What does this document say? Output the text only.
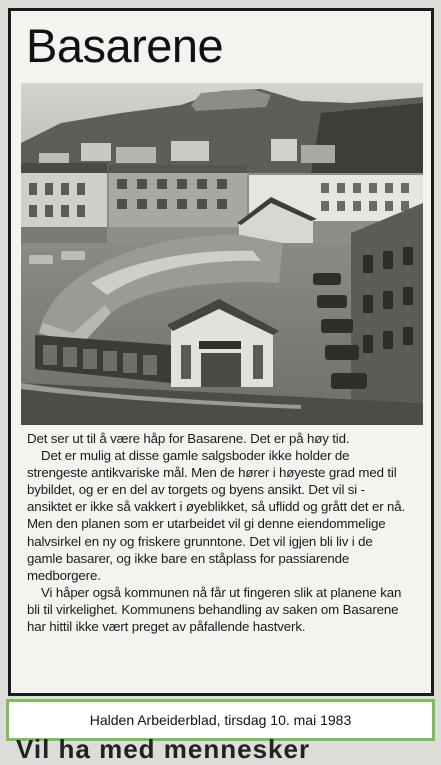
Basarene

Det ser ut til å være håp for Basarene. Det er på høy tid.

Det er mulig at disse gamle salgsboder ikke holder de strengeste antikvariske mål. Men de hører i høyeste grad med til bybildet, og er en del av torgets og byens ansikt. Det vil si - ansiktet er ikke så vakkert i øyeblikket, så uflidd og grått det er nå. Men den planen som er utarbeidet vil gi denne eiendommelige halvsirkel en ny og friskere grunntone. Det vil igjen bli liv i de gamle basarer, og ikke bare en ståplass for passiarende medborgere.

Vi håper også kommunen nå får ut fingeren slik at planene kan bli til virkelighet. Kommunens behandling av saken om Basarene har hittil ikke vært preget av påfallende hastverk.

Halden Arbeiderblad, tirsdag 10. mai 1983
Vil ha med mennesker
